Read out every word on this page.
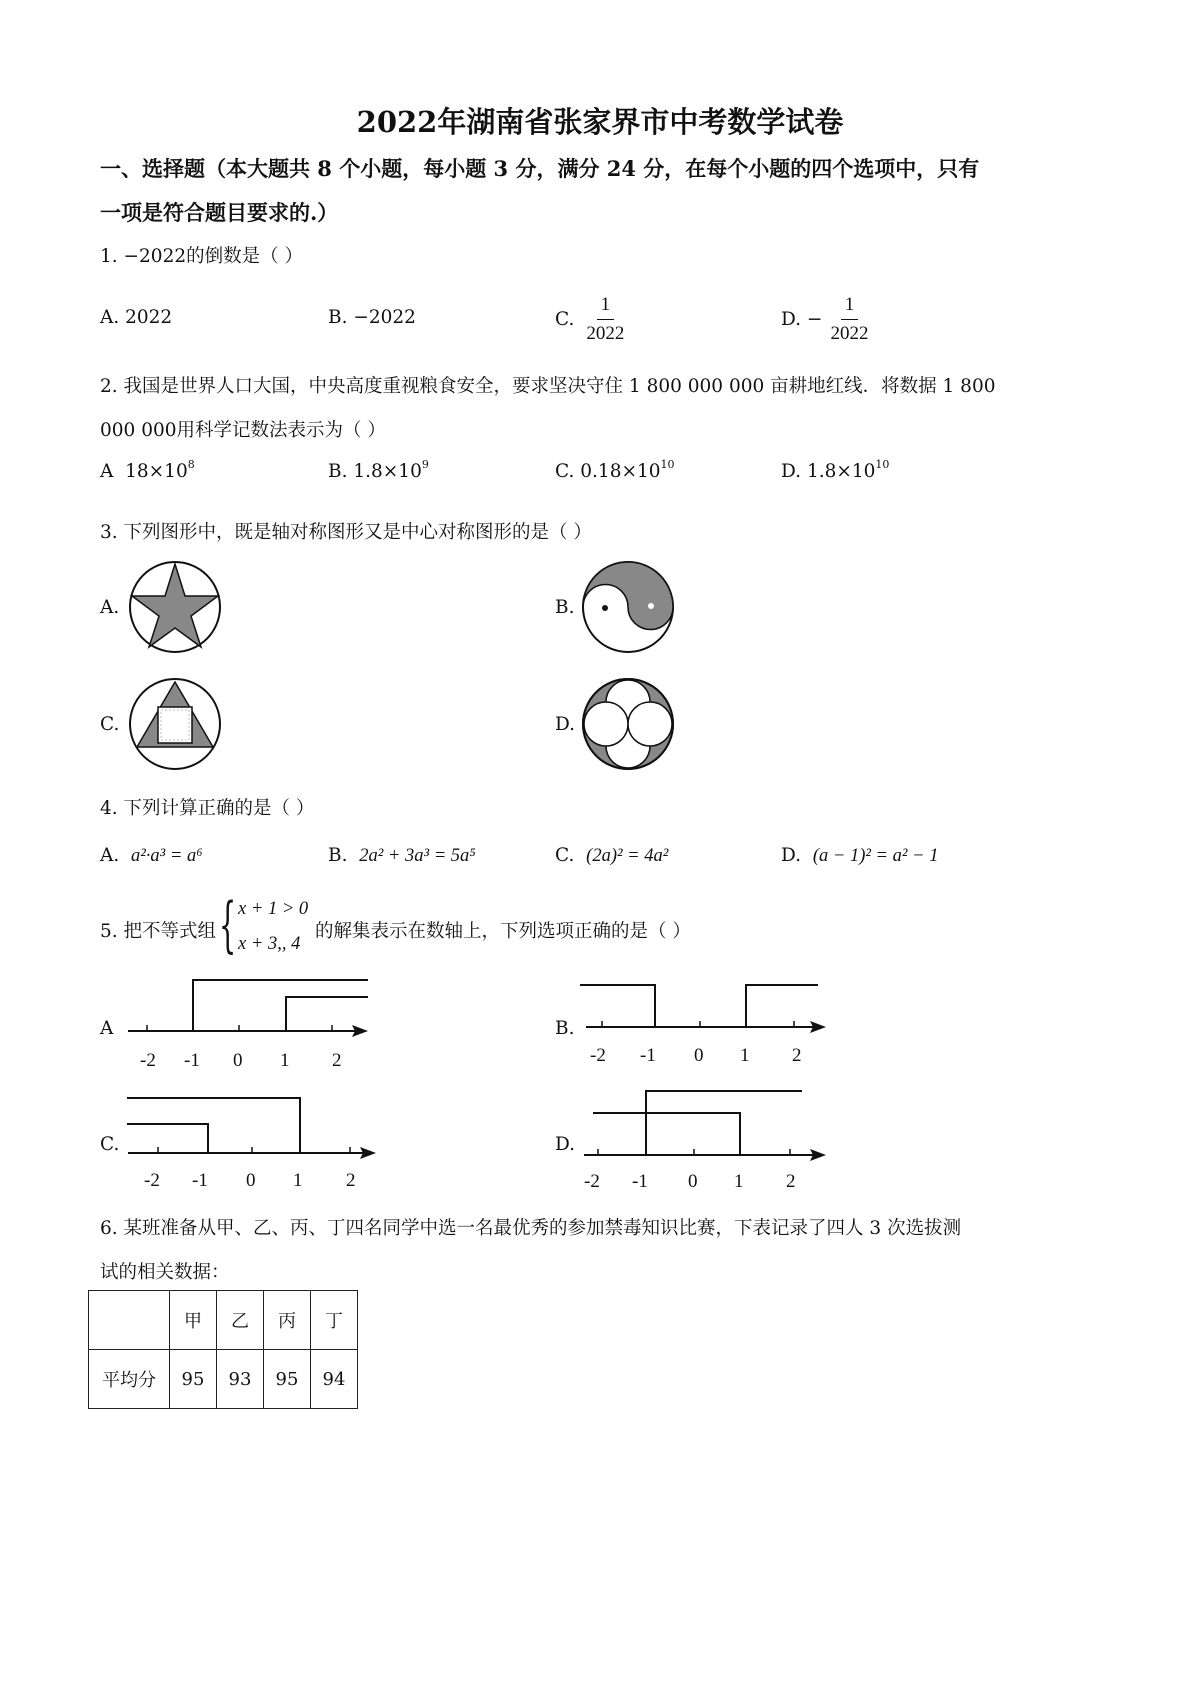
2022年湖南省张家界市中考数学试卷
一、选择题（本大题共 8 个小题，每小题 3 分，满分 24 分，在每个小题的四个选项中，只有
一项是符合题目要求的.）
1. −2022的倒数是（ ）
A. 2022	B. −2022	C. $\frac{1}{2022}$	D. − $\frac{1}{2022}$
2. 我国是世界人口大国，中央高度重视粮食安全，要求坚决守住 1 800 000 000 亩耕地红线．将数据 1 800
000 000用科学记数法表示为（ ）
A $18\times 10^8$	B. $1.8\times 10^9$	C. $0.18\times 10^{10}$	D. $1.8\times 10^{10}$
3. 下列图形中，既是轴对称图形又是中心对称图形的是（ ）
A.	B.
C.	D.
4. 下列计算正确的是（ ）
A. a²·a³ = a⁶	B. 2a² + 3a³ = 5a⁵	C. (2a)² = 4a²	D. (a − 1)² = a² − 1
5. 把不等式组 { x + 1 > 0
x + 3,, 4
的解集表示在数轴上，下列选项正确的是（ ）
A	B.
C.	D.
-2 -1 0 1 2	-2 -1 0 1 2
-2 -1 0 1 2	-2 -1 0 1 2
6. 某班准备从甲、乙、丙、丁四名同学中选一名最优秀的参加禁毒知识比赛，下表记录了四人 3 次选拔测
试的相关数据：
	甲	乙	丙	丁
平均分	95	93	95	94
